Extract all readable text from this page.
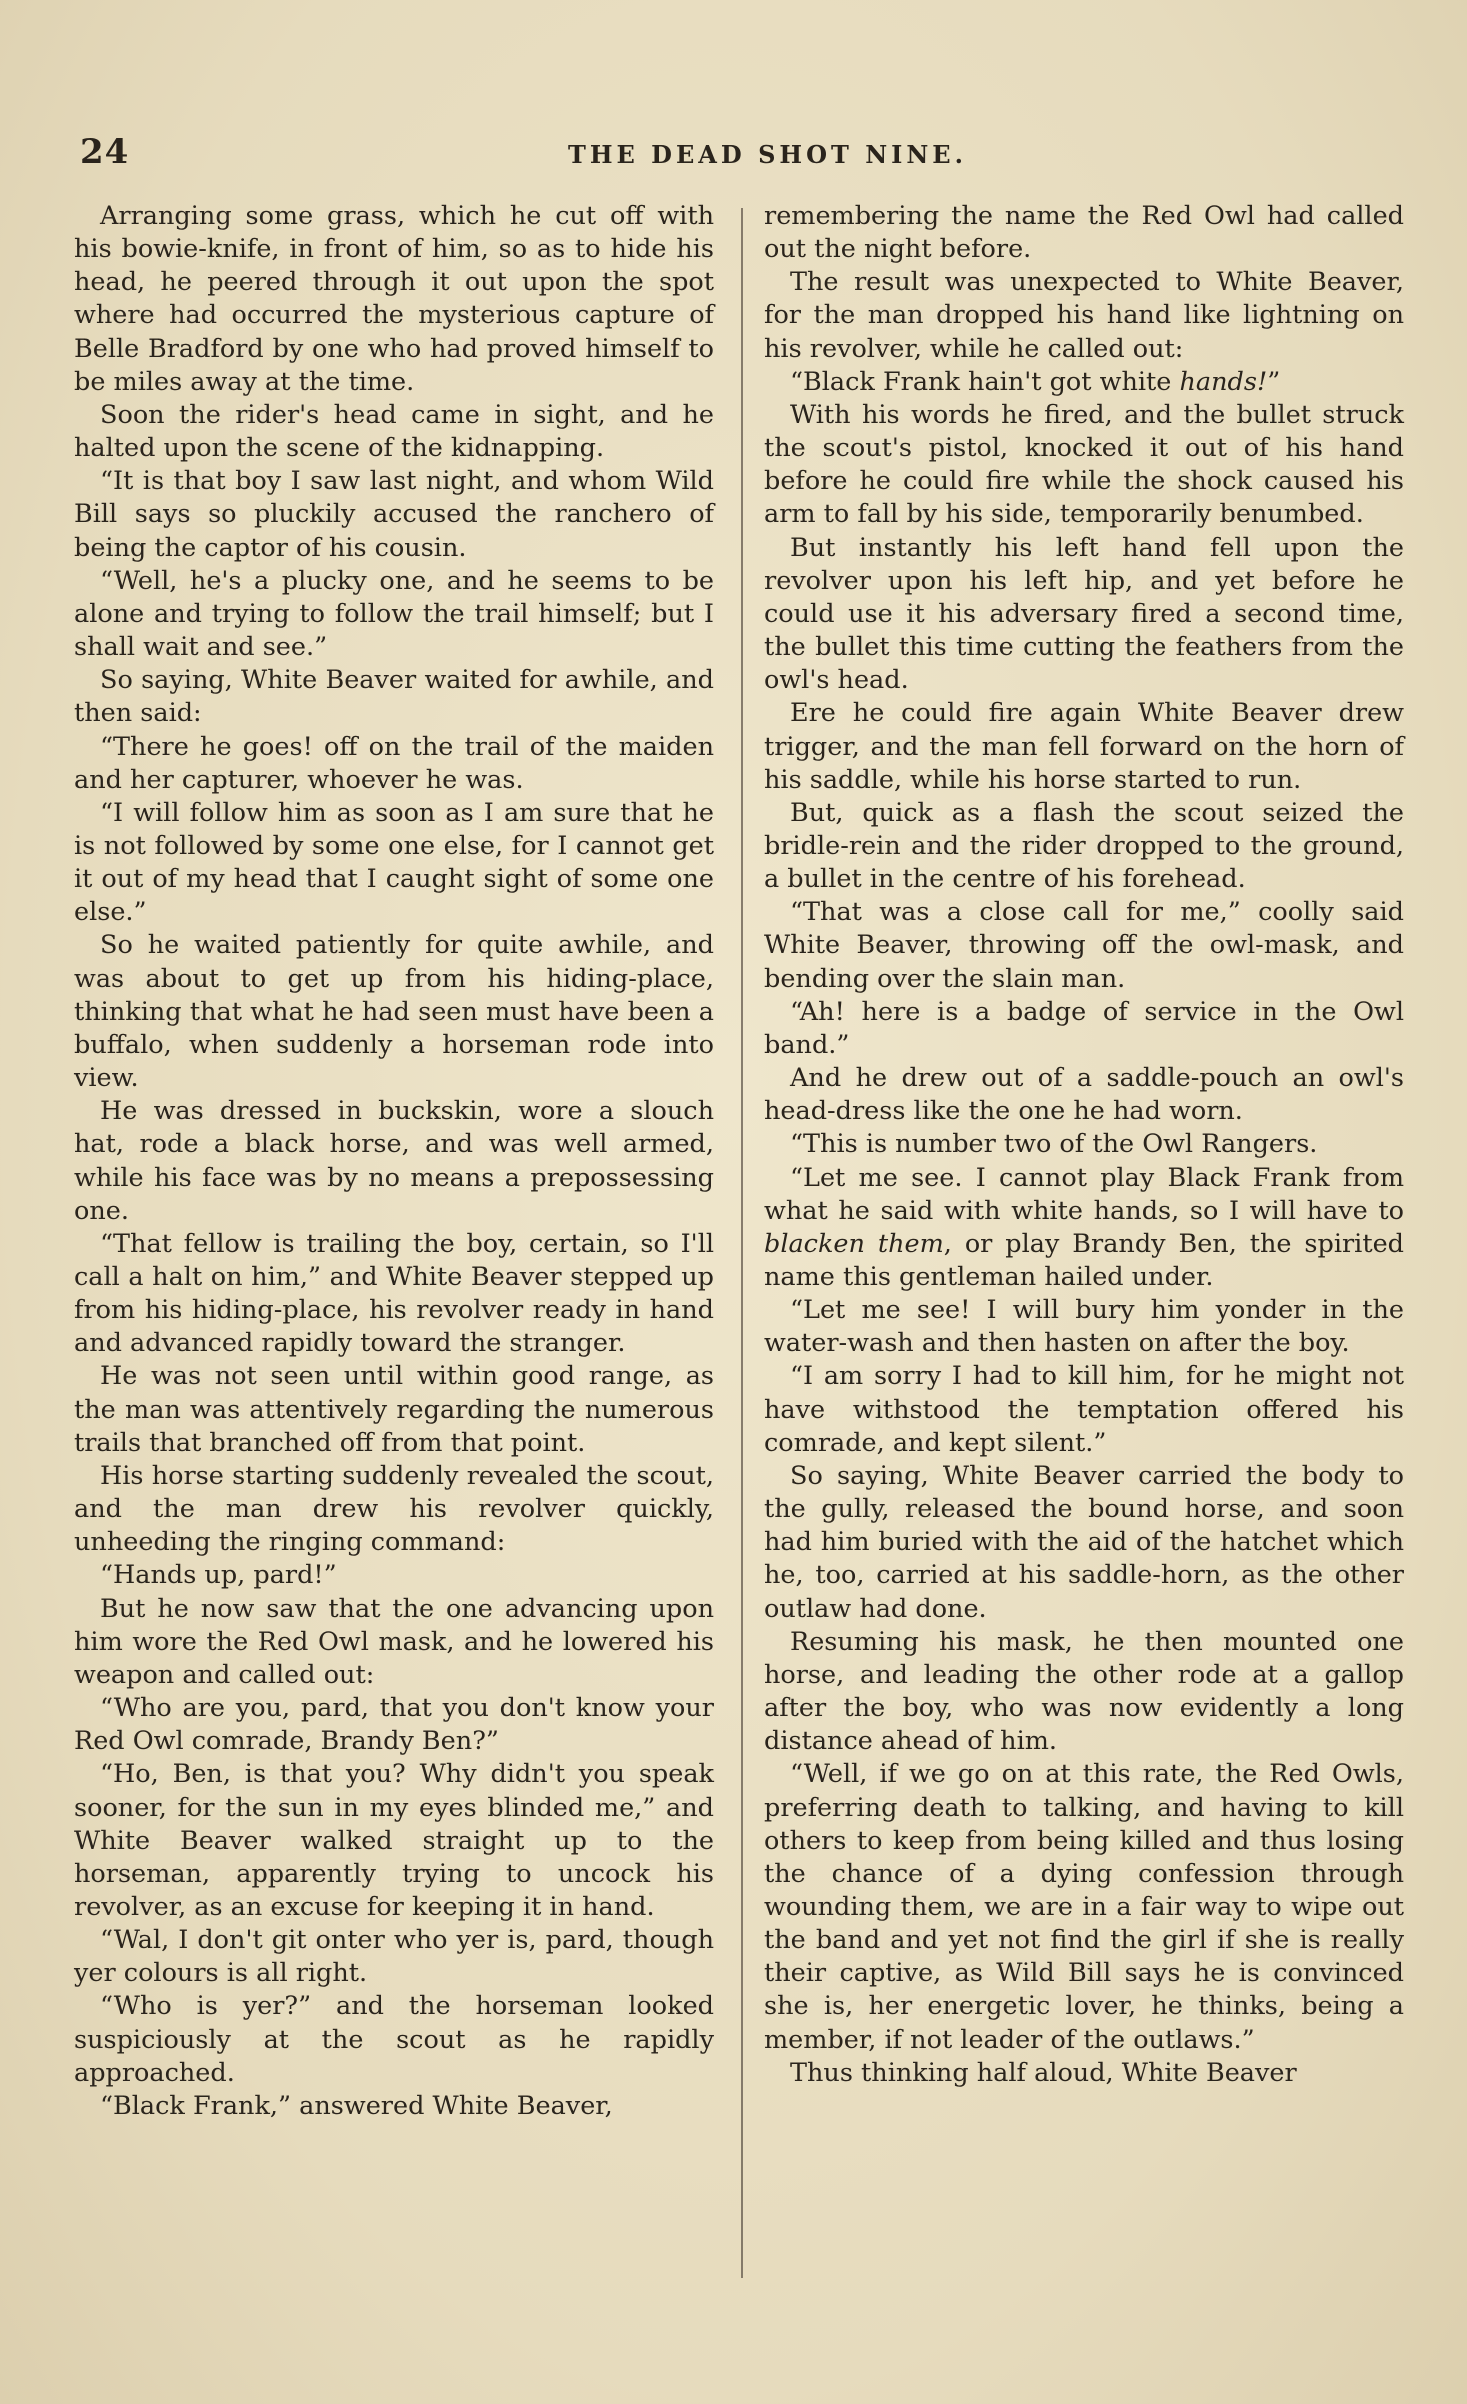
24	THE DEAD SHOT NINE.

Arranging some grass, which he cut off with his bowie-knife, in front of him, so as to hide his head, he peered through it out upon the spot where had occurred the mysterious capture of Belle Bradford by one who had proved himself to be miles away at the time.

Soon the rider's head came in sight, and he halted upon the scene of the kidnapping.

“It is that boy I saw last night, and whom Wild Bill says so pluckily accused the ranchero of being the captor of his cousin.

“Well, he's a plucky one, and he seems to be alone and trying to follow the trail himself; but I shall wait and see.”

So saying, White Beaver waited for awhile, and then said:

“There he goes! off on the trail of the maiden and her capturer, whoever he was.

“I will follow him as soon as I am sure that he is not followed by some one else, for I cannot get it out of my head that I caught sight of some one else.”

So he waited patiently for quite awhile, and was about to get up from his hiding-place, thinking that what he had seen must have been a buffalo, when suddenly a horseman rode into view.

He was dressed in buckskin, wore a slouch hat, rode a black horse, and was well armed, while his face was by no means a prepossessing one.

“That fellow is trailing the boy, certain, so I'll call a halt on him,” and White Beaver stepped up from his hiding-place, his revolver ready in hand and advanced rapidly toward the stranger.

He was not seen until within good range, as the man was attentively regarding the numerous trails that branched off from that point.

His horse starting suddenly revealed the scout, and the man drew his revolver quickly, unheeding the ringing command:

“Hands up, pard!”

But he now saw that the one advancing upon him wore the Red Owl mask, and he lowered his weapon and called out:

“Who are you, pard, that you don't know your Red Owl comrade, Brandy Ben?”

“Ho, Ben, is that you? Why didn't you speak sooner, for the sun in my eyes blinded me,” and White Beaver walked straight up to the horseman, apparently trying to uncock his revolver, as an excuse for keeping it in hand.

“Wal, I don't git onter who yer is, pard, though yer colours is all right.

“Who is yer?” and the horseman looked suspiciously at the scout as he rapidly approached.

“Black Frank,” answered White Beaver,

remembering the name the Red Owl had called out the night before.

The result was unexpected to White Beaver, for the man dropped his hand like lightning on his revolver, while he called out:

“Black Frank hain't got white hands!”

With his words he fired, and the bullet struck the scout's pistol, knocked it out of his hand before he could fire while the shock caused his arm to fall by his side, temporarily benumbed.

But instantly his left hand fell upon the revolver upon his left hip, and yet before he could use it his adversary fired a second time, the bullet this time cutting the feathers from the owl's head.

Ere he could fire again White Beaver drew trigger, and the man fell forward on the horn of his saddle, while his horse started to run.

But, quick as a flash the scout seized the bridle-rein and the rider dropped to the ground, a bullet in the centre of his forehead.

“That was a close call for me,” coolly said White Beaver, throwing off the owl-mask, and bending over the slain man.

“Ah! here is a badge of service in the Owl band.”

And he drew out of a saddle-pouch an owl's head-dress like the one he had worn.

“This is number two of the Owl Rangers.

“Let me see. I cannot play Black Frank from what he said with white hands, so I will have to blacken them, or play Brandy Ben, the spirited name this gentleman hailed under.

“Let me see! I will bury him yonder in the water-wash and then hasten on after the boy.

“I am sorry I had to kill him, for he might not have withstood the temptation offered his comrade, and kept silent.”

So saying, White Beaver carried the body to the gully, released the bound horse, and soon had him buried with the aid of the hatchet which he, too, carried at his saddle-horn, as the other outlaw had done.

Resuming his mask, he then mounted one horse, and leading the other rode at a gallop after the boy, who was now evidently a long distance ahead of him.

“Well, if we go on at this rate, the Red Owls, preferring death to talking, and having to kill others to keep from being killed and thus losing the chance of a dying confession through wounding them, we are in a fair way to wipe out the band and yet not find the girl if she is really their captive, as Wild Bill says he is convinced she is, her energetic lover, he thinks, being a member, if not leader of the outlaws.”

Thus thinking half aloud, White Beaver
